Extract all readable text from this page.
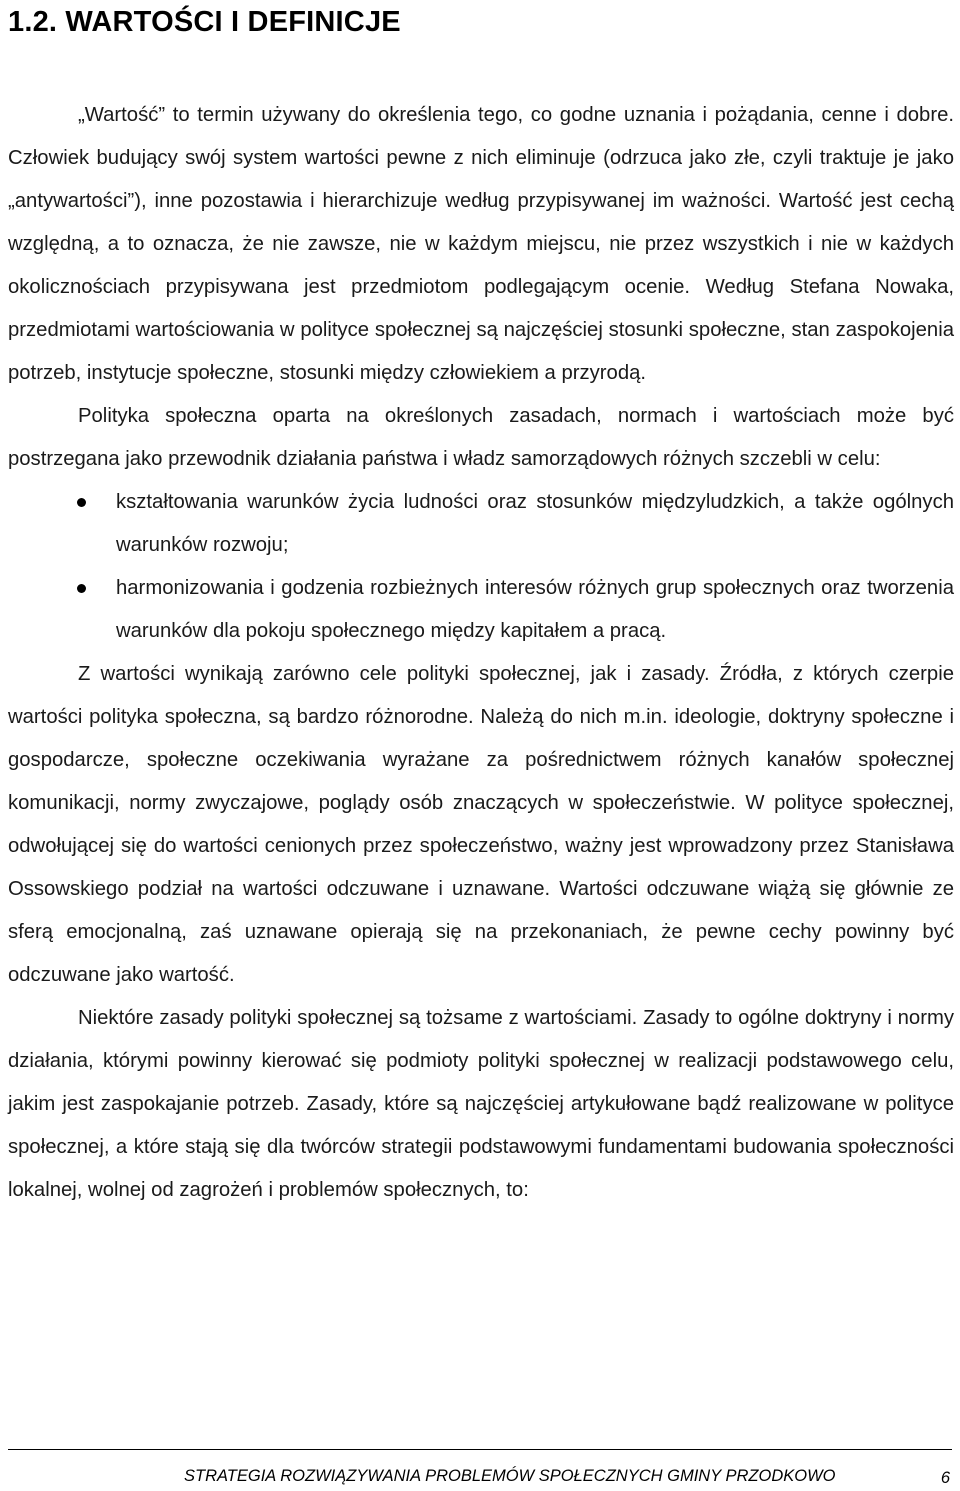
1.2. WARTOŚCI I DEFINICJE

„Wartość” to termin używany do określenia tego, co godne uznania i pożądania, cenne i dobre. Człowiek budujący swój system wartości pewne z nich eliminuje (odrzuca jako złe, czyli traktuje je jako „antywartości”), inne pozostawia i hierarchizuje według przypisywanej im ważności. Wartość jest cechą względną, a to oznacza, że nie zawsze, nie w każdym miejscu, nie przez wszystkich i nie w każdych okolicznościach przypisywana jest przedmiotom podlegającym ocenie. Według Stefana Nowaka, przedmiotami wartościowania w polityce społecznej są najczęściej stosunki społeczne, stan zaspokojenia potrzeb, instytucje społeczne, stosunki między człowiekiem a przyrodą.

Polityka społeczna oparta na określonych zasadach, normach i wartościach może być postrzegana jako przewodnik działania państwa i władz samorządowych różnych szczebli w celu:

kształtowania warunków życia ludności oraz stosunków międzyludzkich, a także ogólnych warunków rozwoju;
harmonizowania i godzenia rozbieżnych interesów różnych grup społecznych oraz tworzenia warunków dla pokoju społecznego między kapitałem a pracą.

Z wartości wynikają zarówno cele polityki społecznej, jak i zasady. Źródła, z których czerpie wartości polityka społeczna, są bardzo różnorodne. Należą do nich m.in. ideologie, doktryny społeczne i gospodarcze, społeczne oczekiwania wyrażane za pośrednictwem różnych kanałów społecznej komunikacji, normy zwyczajowe, poglądy osób znaczących w społeczeństwie. W polityce społecznej, odwołującej się do wartości cenionych przez społeczeństwo, ważny jest wprowadzony przez Stanisława Ossowskiego podział na wartości odczuwane i uznawane. Wartości odczuwane wiążą się głównie ze sferą emocjonalną, zaś uznawane opierają się na przekonaniach, że pewne cechy powinny być odczuwane jako wartość.

Niektóre zasady polityki społecznej są tożsame z wartościami. Zasady to ogólne doktryny i normy działania, którymi powinny kierować się podmioty polityki społecznej w realizacji podstawowego celu, jakim jest zaspokajanie potrzeb. Zasady, które są najczęściej artykułowane bądź realizowane w polityce społecznej, a które stają się dla twórców strategii podstawowymi fundamentami budowania społeczności lokalnej, wolnej od zagrożeń i problemów społecznych, to:

STRATEGIA ROZWIĄZYWANIA PROBLEMÓW SPOŁECZNYCH GMINY PRZODKOWO	6
